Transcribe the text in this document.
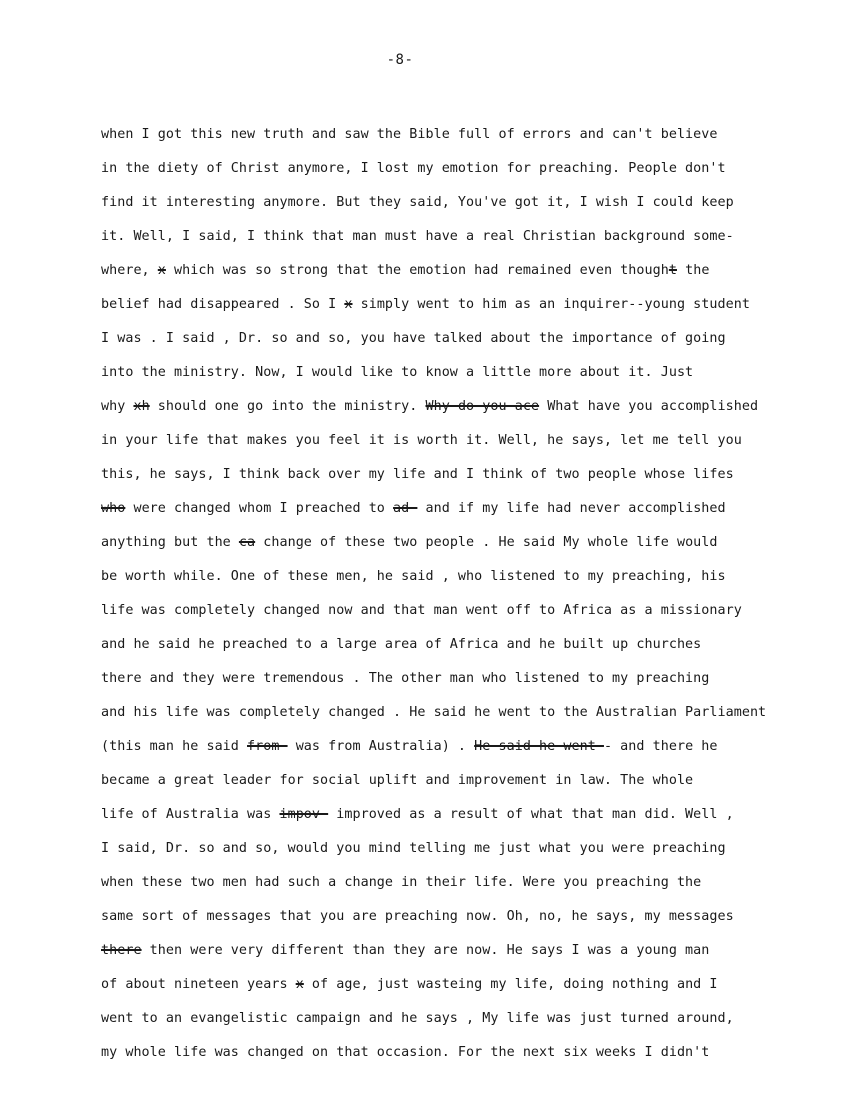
-8-
when I got this new truth and saw the Bible full of errors and can't believe
in the diety of Christ anymore, I lost my emotion for preaching. People don't
find it interesting anymore. But they said, You've got it, I wish I could keep
it. Well, I said, I think that man must have a real Christian background some-
where, x which was so strong that the emotion had remained even thought the
belief had disappeared . So I x simply went to him as an inquirer--young student
I was . I said , Dr. so and so, you have talked about the importance of going
into the ministry. Now, I would like to know a little more about it. Just
why xh should one go into the ministry. Why-do-you-ace What have you accomplished
in your life that makes you feel it is worth it. Well, he says, let me tell you
this, he says, I think back over my life and I think of two people whose lifes
who were changed whom I preached to ad- and if my life had never accomplished
anything but the ca change of these two people . He said My whole life would
be worth while. One of these men, he said , who listened to my preaching, his
life was completely changed now and that man went off to Africa as a missionary
and he said he preached to a large area of Africa and he built up churches
there and they were tremendous . The other man who listened to my preaching
and his life was completely changed . He said he went to the Australian Parliament
(this man he said from- was from Australia) . He-said-he-went-- and there he
became a great leader for social uplift and improvement in law. The whole
life of Australia was impov- improved as a result of what that man did. Well ,
I said, Dr. so and so, would you mind telling me just what you were preaching
when these two men had such a change in their life. Were you preaching the
same sort of messages that you are preaching now. Oh, no, he says, my messages
there then were very different than they are now. He says I was a young man
of about nineteen years x of age, just wasteing my life, doing nothing and I
went to an evangelistic campaign and he says , My life was just turned around,
my whole life was changed on that occasion. For the next six weeks I didn't
